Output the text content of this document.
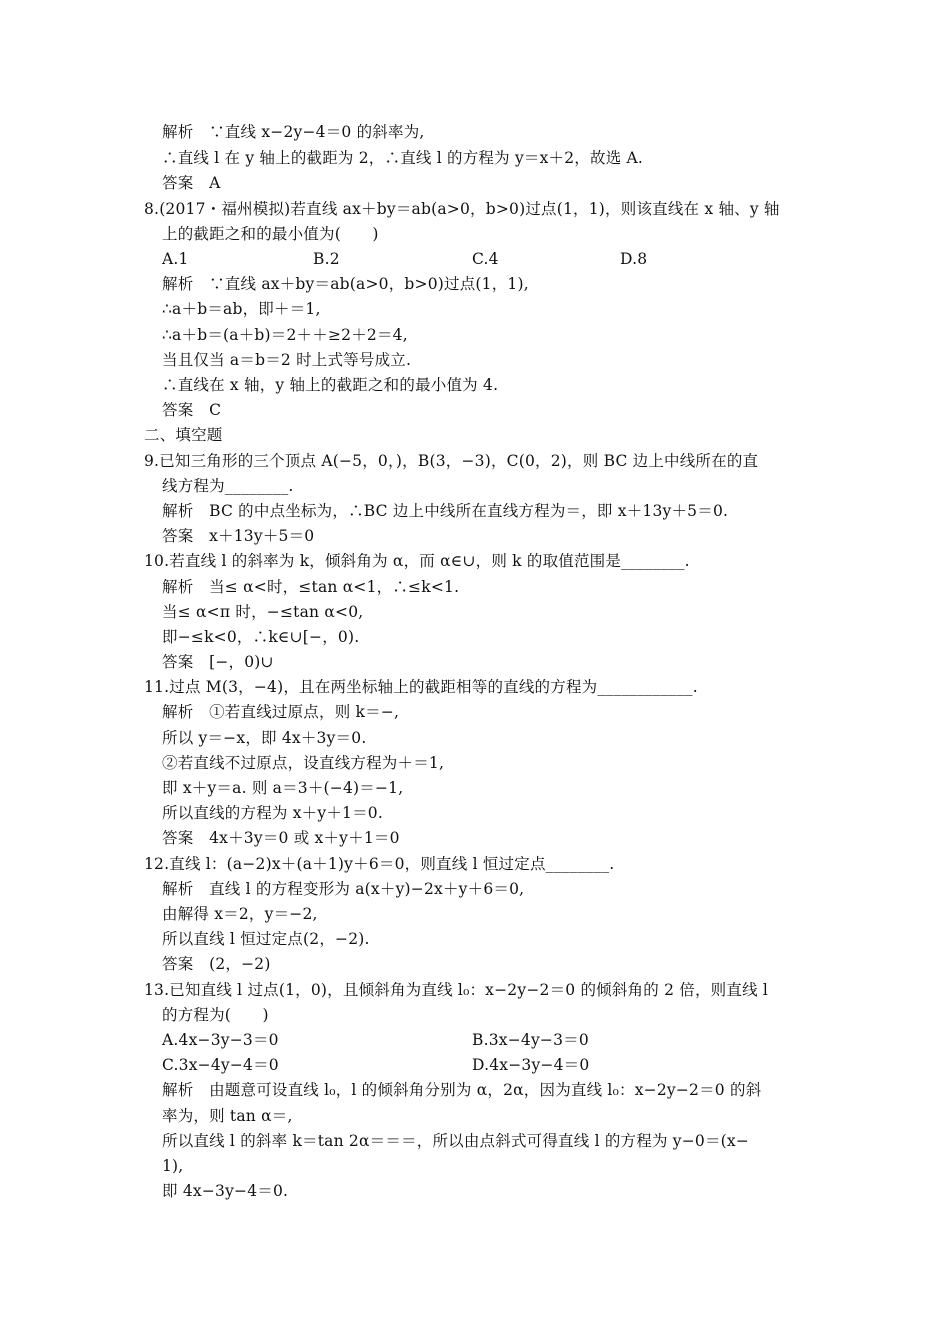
解析　∵直线 x−2y−4＝0 的斜率为,
∴直线 l 在 y 轴上的截距为 2，∴直线 l 的方程为 y＝x＋2，故选 A.
答案　A
8.(2017・福州模拟)若直线 ax＋by＝ab(a>0，b>0)过点(1，1)，则该直线在 x 轴、y 轴
上的截距之和的最小值为(　　)
A.1	B.2	C.4	D.8
解析　∵直线 ax＋by＝ab(a>0，b>0)过点(1，1),
∴a＋b＝ab，即＋＝1,
∴a＋b＝(a＋b)＝2＋＋≥2＋2＝4,
当且仅当 a＝b＝2 时上式等号成立.
∴直线在 x 轴，y 轴上的截距之和的最小值为 4.
答案　C
二、填空题
9.已知三角形的三个顶点 A(−5，0，)，B(3，−3)，C(0，2)，则 BC 边上中线所在的直
线方程为________.
解析　BC 的中点坐标为，∴BC 边上中线所在直线方程为＝，即 x＋13y＋5＝0.
答案　x＋13y＋5＝0
10.若直线 l 的斜率为 k，倾斜角为 α，而 α∈∪，则 k 的取值范围是________.
解析　当≤ α<时，≤tan α<1，∴≤k<1.
当≤ α<π 时，−≤tan α<0,
即−≤k<0，∴k∈∪[−，0).
答案　[−，0)∪
11.过点 M(3，−4)，且在两坐标轴上的截距相等的直线的方程为____________.
解析　①若直线过原点，则 k＝−,
所以 y＝−x，即 4x＋3y＝0.
②若直线不过原点，设直线方程为＋＝1,
即 x＋y＝a. 则 a＝3＋(−4)＝−1,
所以直线的方程为 x＋y＋1＝0.
答案　4x＋3y＝0 或 x＋y＋1＝0
12.直线 l：(a−2)x＋(a＋1)y＋6＝0，则直线 l 恒过定点________.
解析　直线 l 的方程变形为 a(x＋y)−2x＋y＋6＝0,
由解得 x＝2，y＝−2,
所以直线 l 恒过定点(2，−2).
答案　(2，−2)
13.已知直线 l 过点(1，0)，且倾斜角为直线 l₀：x−2y−2＝0 的倾斜角的 2 倍，则直线 l
的方程为(　　)
A.4x−3y−3＝0	B.3x−4y−3＝0
C.3x−4y−4＝0	D.4x−3y−4＝0
解析　由题意可设直线 l₀，l 的倾斜角分别为 α，2α，因为直线 l₀：x−2y−2＝0 的斜
率为，则 tan α＝,
所以直线 l 的斜率 k＝tan 2α＝＝＝，所以由点斜式可得直线 l 的方程为 y−0＝(x−
1),
即 4x−3y−4＝0.
